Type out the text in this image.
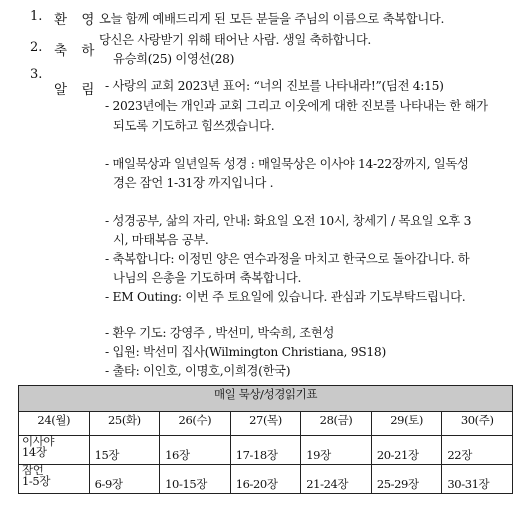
1. 환 영
2. 축 하
3.
알 림
오늘 함께 예배드리게 된 모든 분들을 주님의 이름으로 축복합니다.
당신은 사랑받기 위해 태어난 사람. 생일 축하합니다.
유승희(25) 이영선(28)
- 사랑의 교회 2023년 표어: “너의 진보를 나타내라!”(딤전 4:15)
- 2023년에는 개인과 교회 그리고 이웃에게 대한 진보를 나타내는 한 해가
되도록 기도하고 힘쓰겠습니다.
- 매일묵상과 일년일독 성경 : 매일묵상은 이사야 14-22장까지, 일독성
경은 잠언 1-31장 까지입니다 .
- 성경공부, 삶의 자리, 안내: 화요일 오전 10시, 창세기 / 목요일 오후 3
시, 마태복음 공부.
- 축복합니다: 이정민 양은 연수과정을 마치고 한국으로 돌아갑니다. 하
나님의 은총을 기도하며 축복합니다.
- EM Outing: 이번 주 토요일에 있습니다. 관심과 기도부탁드립니다.
- 환우 기도: 강영주 , 박선미, 박숙희, 조현성
- 입원: 박선미 집사(Wilmington Christiana, 9S18)
- 출타: 이인호, 이명호,이희경(한국)
매일 묵상/성경읽기표						
24(월)	25(화)	26(수)	27(목)	28(금)	29(토)	30(주)

이사야
14장	15장	16장	17-18장	19장	20-21장	22장

잠언
1-5장	6-9장	10-15장	16-20장	21-24장	25-29장	30-31장
